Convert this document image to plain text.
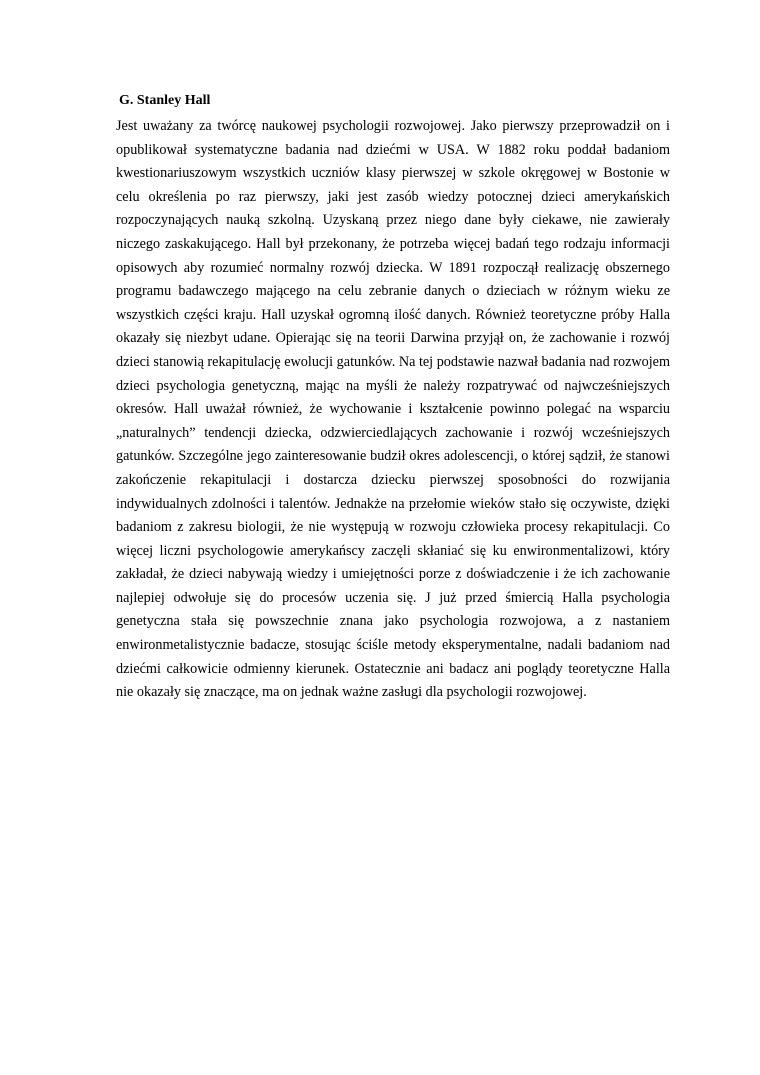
G. Stanley Hall

Jest uważany za twórcę naukowej psychologii rozwojowej. Jako pierwszy przeprowadził on i opublikował systematyczne badania nad dziećmi w USA. W 1882 roku poddał badaniom kwestionariuszowym wszystkich uczniów klasy pierwszej w szkole okręgowej w Bostonie w celu określenia po raz pierwszy, jaki jest zasób wiedzy potocznej dzieci amerykańskich rozpoczynających nauką szkolną. Uzyskaną przez niego dane były ciekawe, nie zawierały niczego zaskakującego. Hall był przekonany, że potrzeba więcej badań tego rodzaju informacji opisowych aby rozumieć normalny rozwój dziecka. W 1891 rozpoczął realizację obszernego programu badawczego mającego na celu zebranie danych o dzieciach w różnym wieku ze wszystkich części kraju. Hall uzyskał ogromną ilość danych. Również teoretyczne próby Halla okazały się niezbyt udane. Opierając się na teorii Darwina przyjął on, że zachowanie i rozwój dzieci stanowią rekapitulację ewolucji gatunków. Na tej podstawie nazwał badania nad rozwojem dzieci psychologia genetyczną, mając na myśli że należy rozpatrywać od najwcześniejszych okresów. Hall uważał również, że wychowanie i kształcenie powinno polegać na wsparciu „naturalnych” tendencji dziecka, odzwierciedlających zachowanie i rozwój wcześniejszych gatunków. Szczególne jego zainteresowanie budził okres adolescencji, o której sądził, że stanowi zakończenie rekapitulacji i dostarcza dziecku pierwszej sposobności do rozwijania indywidualnych zdolności i talentów. Jednakże na przełomie wieków stało się oczywiste, dzięki badaniom z zakresu biologii, że nie występują w rozwoju człowieka procesy rekapitulacji. Co więcej liczni psychologowie amerykańscy zaczęli skłaniać się ku enwironmentalizowi, który zakładał, że dzieci nabywają wiedzy i umiejętności porze z doświadczenie i że ich zachowanie najlepiej odwołuje się do procesów uczenia się. J już przed śmiercią Halla psychologia genetyczna stała się powszechnie znana jako psychologia rozwojowa, a z nastaniem enwironmetalistycznie badacze, stosując ściśle metody eksperymentalne, nadali badaniom nad dziećmi całkowicie odmienny kierunek. Ostatecznie ani badacz ani poglądy teoretyczne Halla nie okazały się znaczące, ma on jednak ważne zasługi dla psychologii rozwojowej.
